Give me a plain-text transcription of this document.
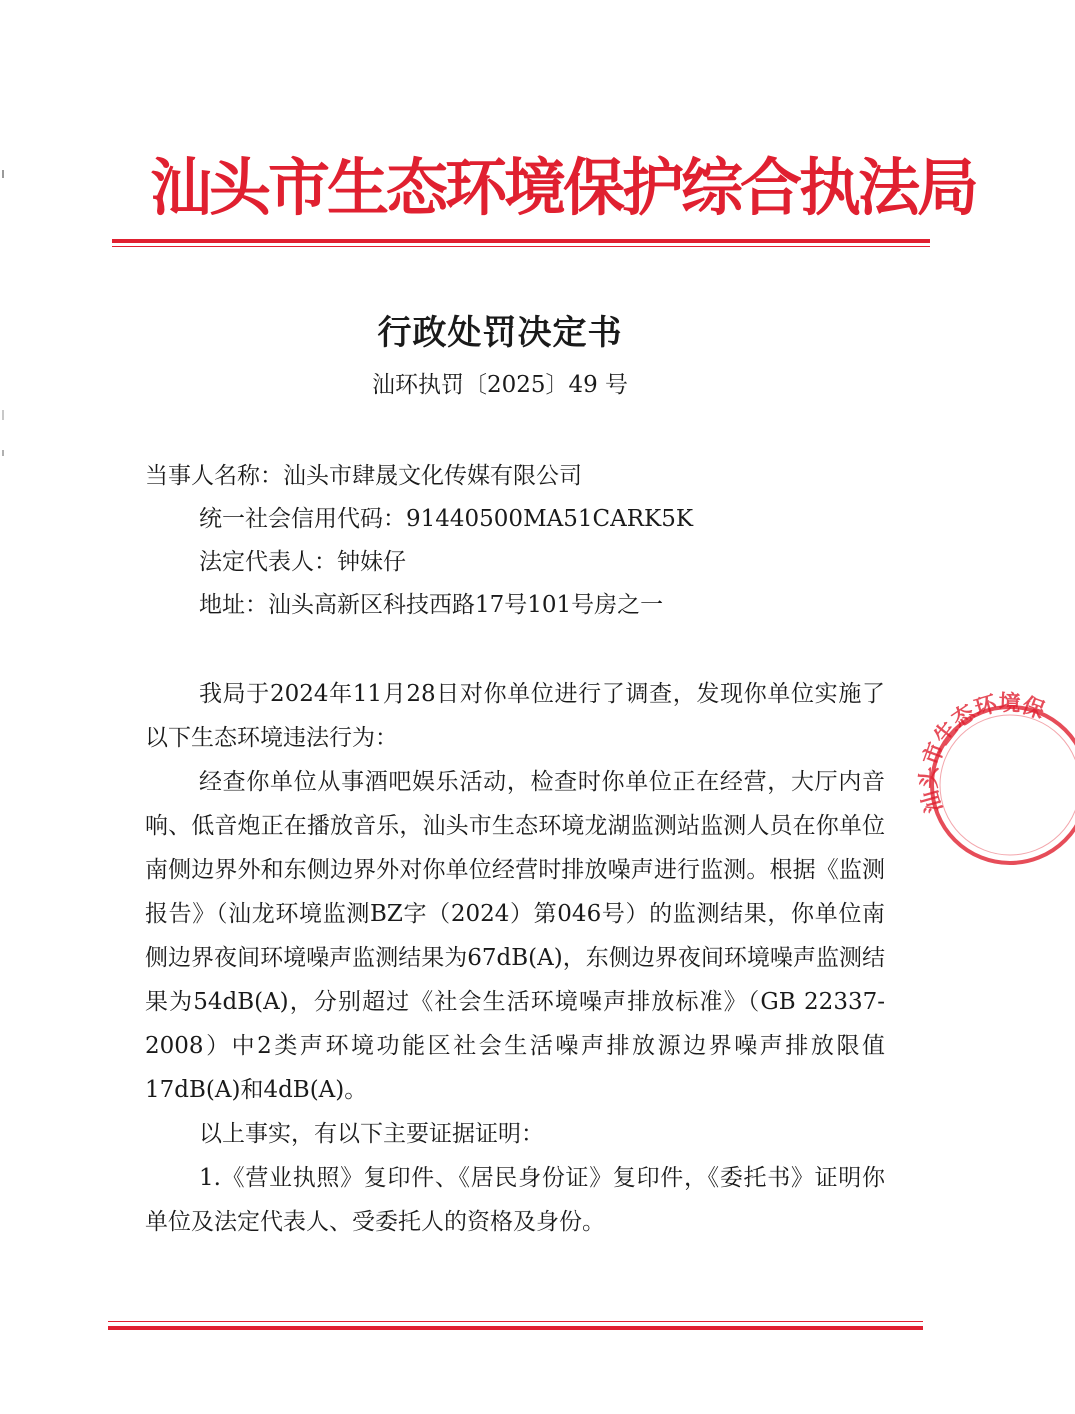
汕头市生态环境保护综合执法局
行政处罚决定书
汕环执罚〔2025〕49 号
当事人名称：汕头市肆晟文化传媒有限公司
统一社会信用代码：91440500MA51CARK5K
法定代表人：钟妹仔
地址：汕头高新区科技西路17号101号房之一

我局于2024年11月28日对你单位进行了调查，发现你单位实施了以下生态环境违法行为：

经查你单位从事酒吧娱乐活动，检查时你单位正在经营，大厅内音响、低音炮正在播放音乐，汕头市生态环境龙湖监测站监测人员在你单位南侧边界外和东侧边界外对你单位经营时排放噪声进行监测。根据《监测报告》（汕龙环境监测BZ字（2024）第046号）的监测结果，你单位南侧边界夜间环境噪声监测结果为67dB(A)，东侧边界夜间环境噪声监测结果为54dB(A)，分别超过《社会生活环境噪声排放标准》（GB 22337-2008）中2类声环境功能区社会生活噪声排放源边界噪声排放限值17dB(A)和4dB(A)。

以上事实，有以下主要证据证明：

1.《营业执照》复印件、《居民身份证》复印件，《委托书》证明你单位及法定代表人、受委托人的资格及身份。

汕头市生态环境保
